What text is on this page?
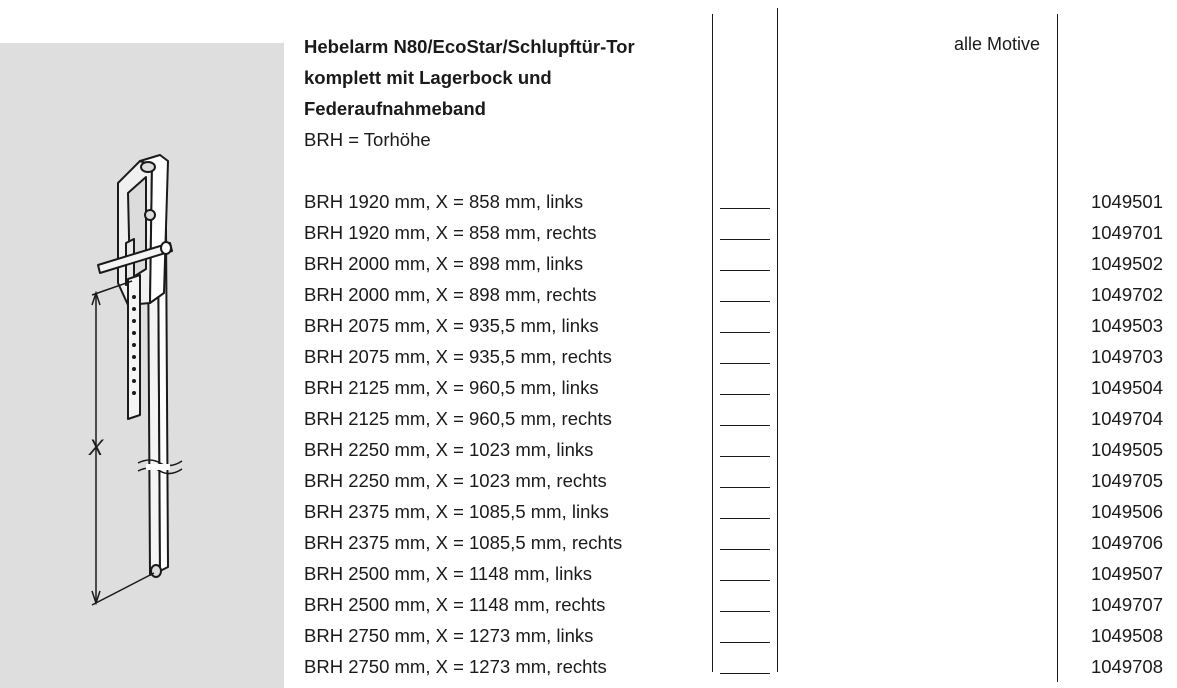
X
Hebelarm N80/EcoStar/Schlupftür-Tor
komplett mit Lagerbock und
Federaufnahmeband
BRH = Torhöhe
alle Motive
BRH 1920 mm, X = 858 mm, links	1049501
BRH 1920 mm, X = 858 mm, rechts	1049701
BRH 2000 mm, X = 898 mm, links	1049502
BRH 2000 mm, X = 898 mm, rechts	1049702
BRH 2075 mm, X = 935,5 mm, links	1049503
BRH 2075 mm, X = 935,5 mm, rechts	1049703
BRH 2125 mm, X = 960,5 mm, links	1049504
BRH 2125 mm, X = 960,5 mm, rechts	1049704
BRH 2250 mm, X = 1023 mm, links	1049505
BRH 2250 mm, X = 1023 mm, rechts	1049705
BRH 2375 mm, X = 1085,5 mm, links	1049506
BRH 2375 mm, X = 1085,5 mm, rechts	1049706
BRH 2500 mm, X = 1148 mm, links	1049507
BRH 2500 mm, X = 1148 mm, rechts	1049707
BRH 2750 mm, X = 1273 mm, links	1049508
BRH 2750 mm, X = 1273 mm, rechts	1049708
